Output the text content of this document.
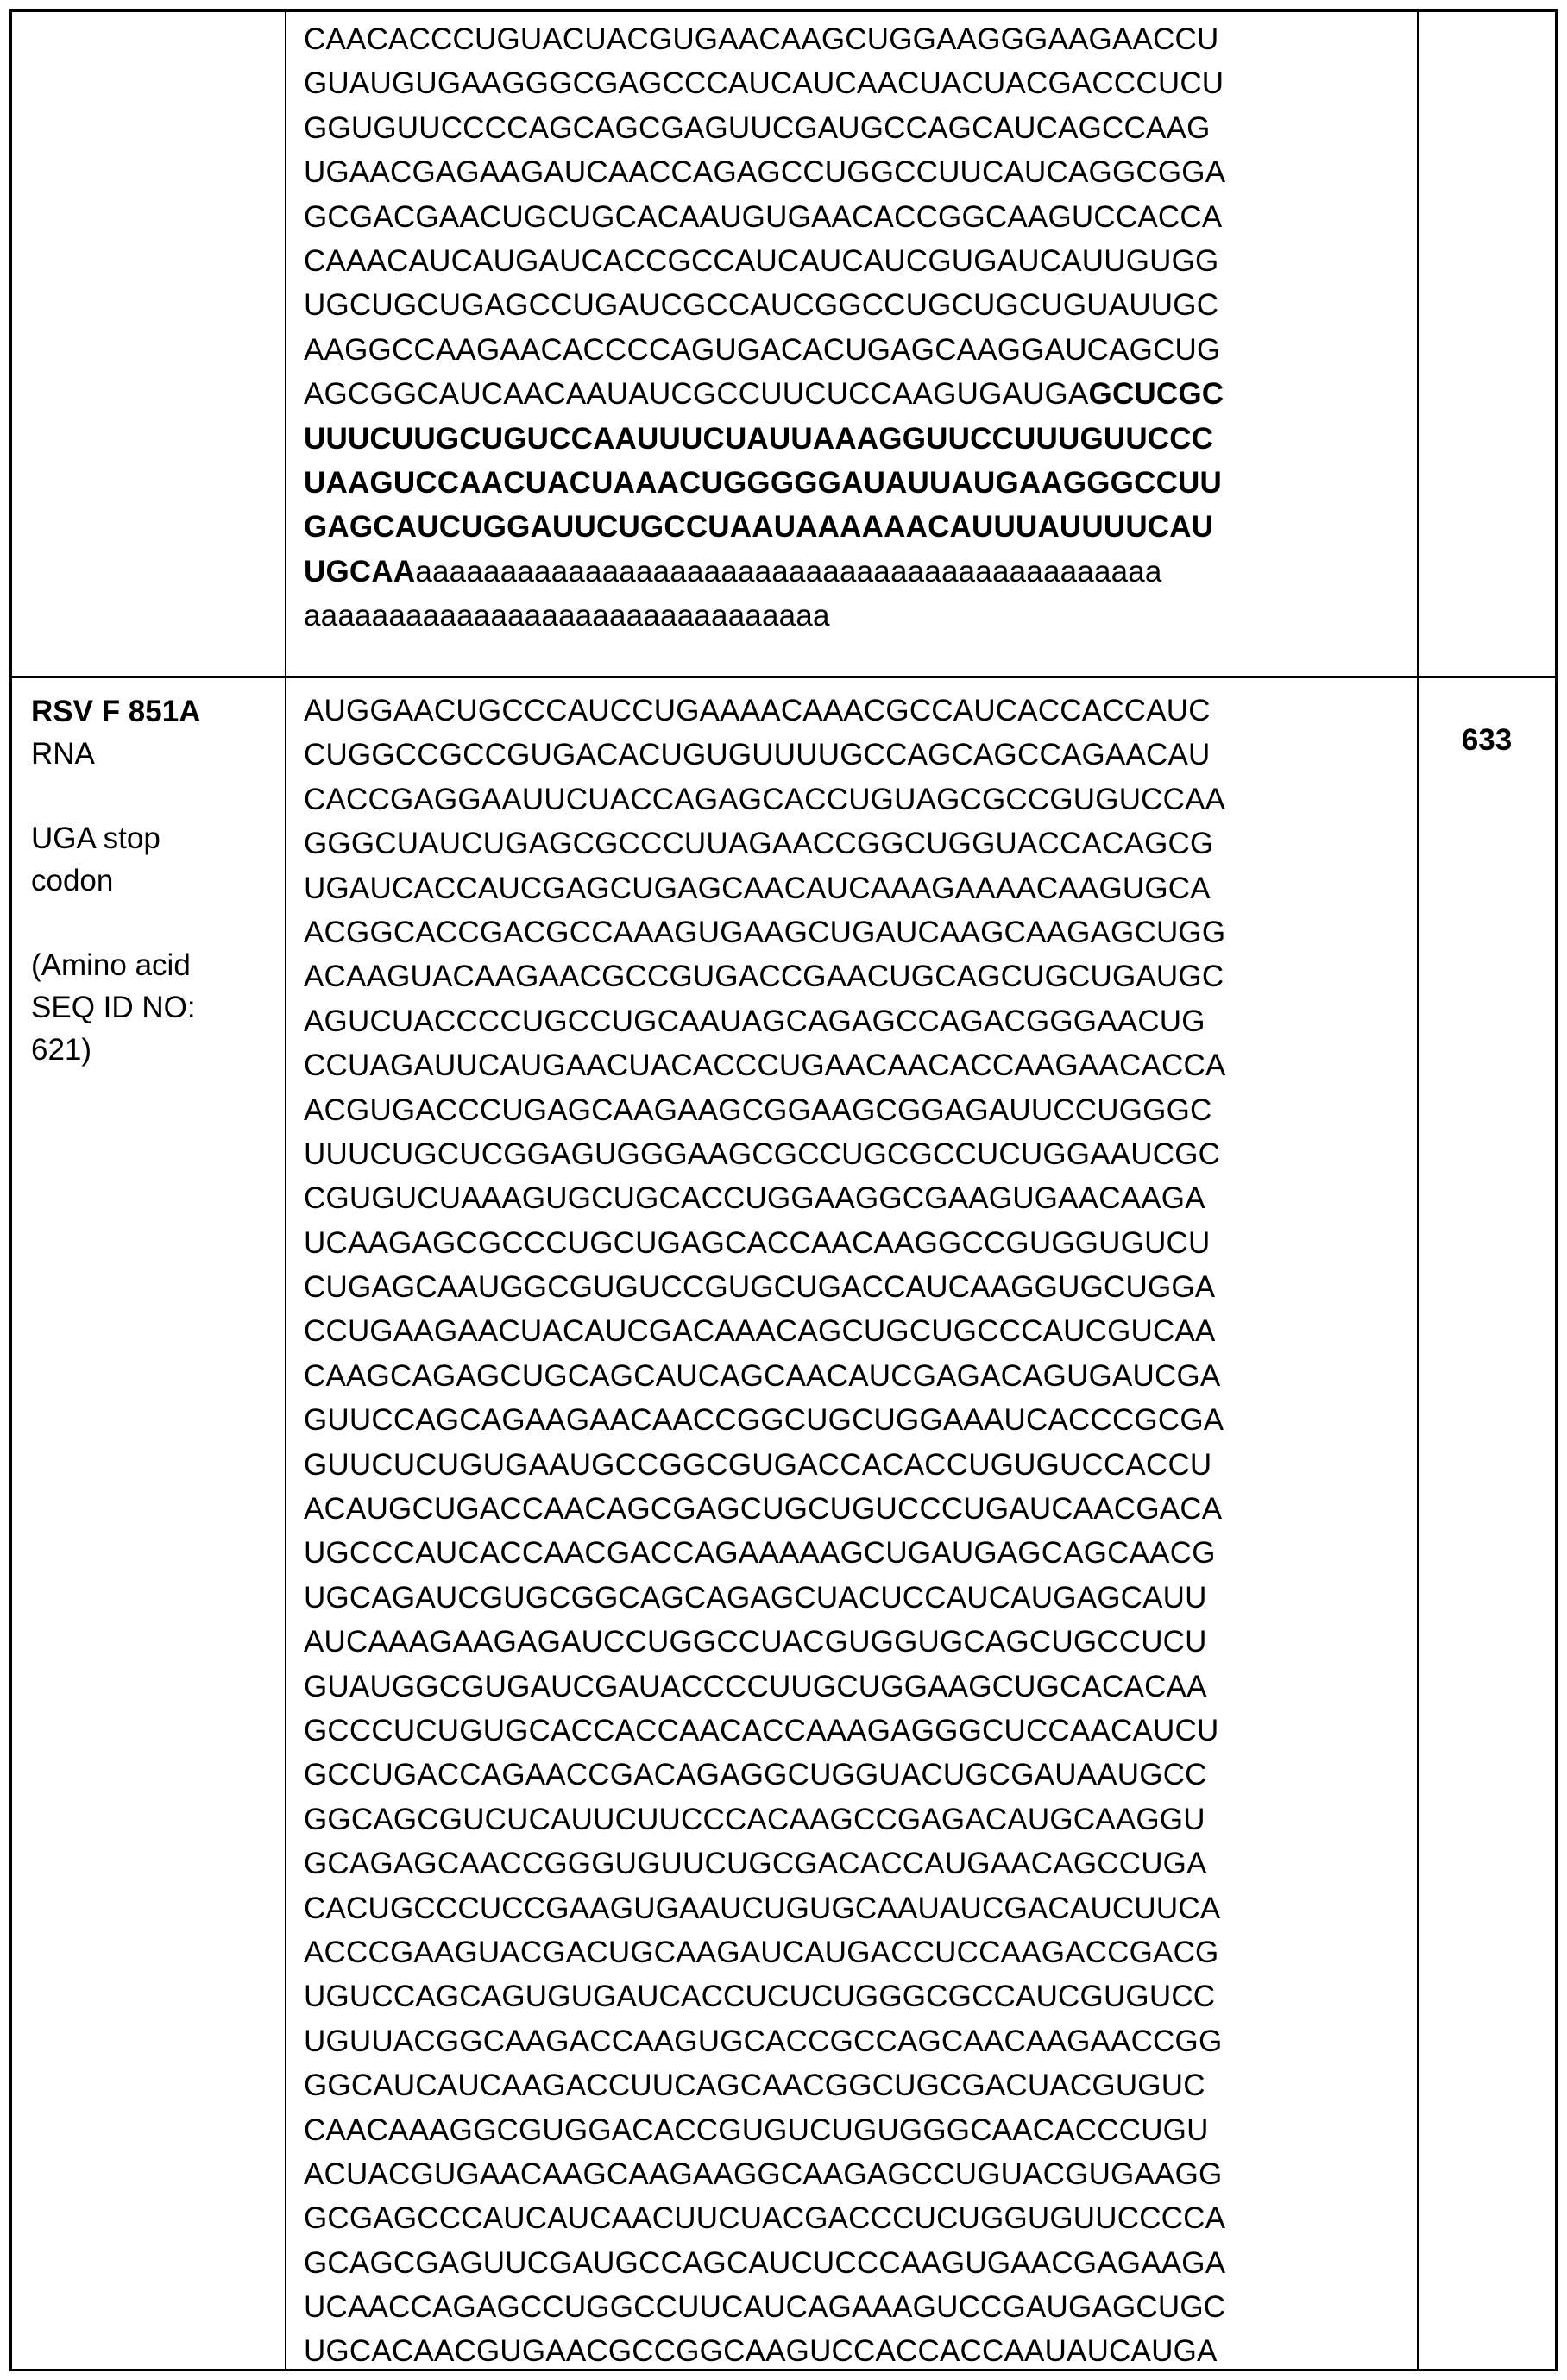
CAACACCCUGUACUACGUGAACAAGCUGGAAGGGAAGAACCU
GUAUGUGAAGGGCGAGCCCAUCAUCAACUACUACGACCCUCU
GGUGUUCCCCAGCAGCGAGUUCGAUGCCAGCAUCAGCCAAG
UGAACGAGAAGAUCAACCAGAGCCUGGCCUUCAUCAGGCGGA
GCGACGAACUGCUGCACAAUGUGAACACCGGCAAGUCCACCA
CAAACAUCAUGAUCACCGCCAUCAUCAUCGUGAUCAUUGUGG
UGCUGCUGAGCCUGAUCGCCAUCGGCCUGCUGCUGUAUUGC
AAGGCCAAGAACACCCCAGUGACACUGAGCAAGGAUCAGCUG
AGCGGCAUCAACAAUAUCGCCUUCUCCAAGUGAUGAGCUCGC
UUUCUUGCUGUCCAAUUUCUAUUAAAGGUUCCUUUGUUCCC
UAAGUCCAACUACUAAACUGGGGGAUAUUAUGAAGGGCCUU
GAGCAUCUGGAUUCUGCCUAAUAAAAAACAUUUAUUUUCAU
UGCAAaaaaaaaaaaaaaaaaaaaaaaaaaaaaaaaaaaaaaaaaaaaa
aaaaaaaaaaaaaaaaaaaaaaaaaaaaaaa
RSV F 851A
RNA
UGA stop
codon
(Amino acid
SEQ ID NO:
621)
AUGGAACUGCCCAUCCUGAAAACAAACGCCAUCACCACCAUC
CUGGCCGCCGUGACACUGUGUUUUGCCAGCAGCCAGAACAU
CACCGAGGAAUUCUACCAGAGCACCUGUAGCGCCGUGUCCAA
GGGCUAUCUGAGCGCCCUUAGAACCGGCUGGUACCACAGCG
UGAUCACCAUCGAGCUGAGCAACAUCAAAGAAAACAAGUGCA
ACGGCACCGACGCCAAAGUGAAGCUGAUCAAGCAAGAGCUGG
ACAAGUACAAGAACGCCGUGACCGAACUGCAGCUGCUGAUGC
AGUCUACCCCUGCCUGCAAUAGCAGAGCCAGACGGGAACUG
CCUAGAUUCAUGAACUACACCCUGAACAACACCAAGAACACCA
ACGUGACCCUGAGCAAGAAGCGGAAGCGGAGAUUCCUGGGC
UUUCUGCUCGGAGUGGGAAGCGCCUGCGCCUCUGGAAUCGC
CGUGUCUAAAGUGCUGCACCUGGAAGGCGAAGUGAACAAGA
UCAAGAGCGCCCUGCUGAGCACCAACAAGGCCGUGGUGUCU
CUGAGCAAUGGCGUGUCCGUGCUGACCAUCAAGGUGCUGGA
CCUGAAGAACUACAUCGACAAACAGCUGCUGCCCAUCGUCAA
CAAGCAGAGCUGCAGCAUCAGCAACAUCGAGACAGUGAUCGA
GUUCCAGCAGAAGAACAACCGGCUGCUGGAAAUCACCCGCGA
GUUCUCUGUGAAUGCCGGCGUGACCACACCUGUGUCCACCU
ACAUGCUGACCAACAGCGAGCUGCUGUCCCUGAUCAACGACA
UGCCCAUCACCAACGACCAGAAAAAGCUGAUGAGCAGCAACG
UGCAGAUCGUGCGGCAGCAGAGCUACUCCAUCAUGAGCAUU
AUCAAAGAAGAGAUCCUGGCCUACGUGGUGCAGCUGCCUCU
GUAUGGCGUGAUCGAUACCCCUUGCUGGAAGCUGCACACAA
GCCCUCUGUGCACCACCAACACCAAAGAGGGCUCCAACAUCU
GCCUGACCAGAACCGACAGAGGCUGGUACUGCGAUAAUGCC
GGCAGCGUCUCAUUCUUCCCACAAGCCGAGACAUGCAAGGU
GCAGAGCAACCGGGUGUUCUGCGACACCAUGAACAGCCUGA
CACUGCCCUCCGAAGUGAAUCUGUGCAAUAUCGACAUCUUCA
ACCCGAAGUACGACUGCAAGAUCAUGACCUCCAAGACCGACG
UGUCCAGCAGUGUGAUCACCUCUCUGGGCGCCAUCGUGUCC
UGUUACGGCAAGACCAAGUGCACCGCCAGCAACAAGAACCGG
GGCAUCAUCAAGACCUUCAGCAACGGCUGCGACUACGUGUC
CAACAAAGGCGUGGACACCGUGUCUGUGGGCAACACCCUGU
ACUACGUGAACAAGCAAGAAGGCAAGAGCCUGUACGUGAAGG
GCGAGCCCAUCAUCAACUUCUACGACCCUCUGGUGUUCCCCA
GCAGCGAGUUCGAUGCCAGCAUCUCCCAAGUGAACGAGAAGA
UCAACCAGAGCCUGGCCUUCAUCAGAAAGUCCGAUGAGCUGC
UGCACAACGUGAACGCCGGCAAGUCCACCACCAAUAUCAUGA
633
